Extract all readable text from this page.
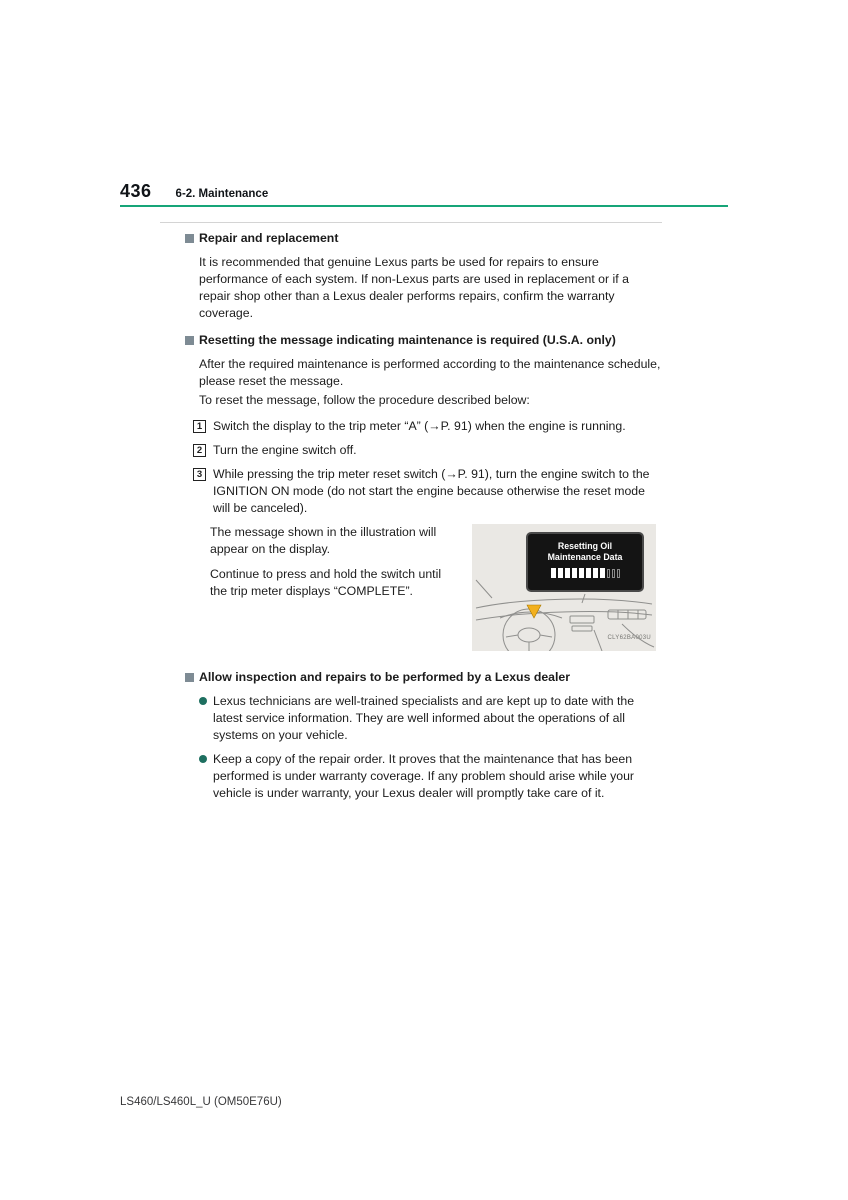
436 6-2. Maintenance
Repair and replacement

It is recommended that genuine Lexus parts be used for repairs to ensure performance of each system. If non-Lexus parts are used in replacement or if a repair shop other than a Lexus dealer performs repairs, confirm the warranty coverage.

Resetting the message indicating maintenance is required (U.S.A. only)

After the required maintenance is performed according to the maintenance schedule, please reset the message.

To reset the message, follow the procedure described below:

1 Switch the display to the trip meter “A” (→P. 91) when the engine is running.
2 Turn the engine switch off.
3 While pressing the trip meter reset switch (→P. 91), turn the engine switch to the IGNITION ON mode (do not start the engine because otherwise the reset mode will be canceled).

The message shown in the illustration will appear on the display.

Continue to press and hold the switch until the trip meter displays “COMPLETE”.

Resetting Oil
Maintenance Data
CLY62BA003U
Allow inspection and repairs to be performed by a Lexus dealer
Lexus technicians are well-trained specialists and are kept up to date with the latest service information. They are well informed about the operations of all systems on your vehicle.
Keep a copy of the repair order. It proves that the maintenance that has been performed is under warranty coverage. If any problem should arise while your vehicle is under warranty, your Lexus dealer will promptly take care of it.
LS460/LS460L_U (OM50E76U)
